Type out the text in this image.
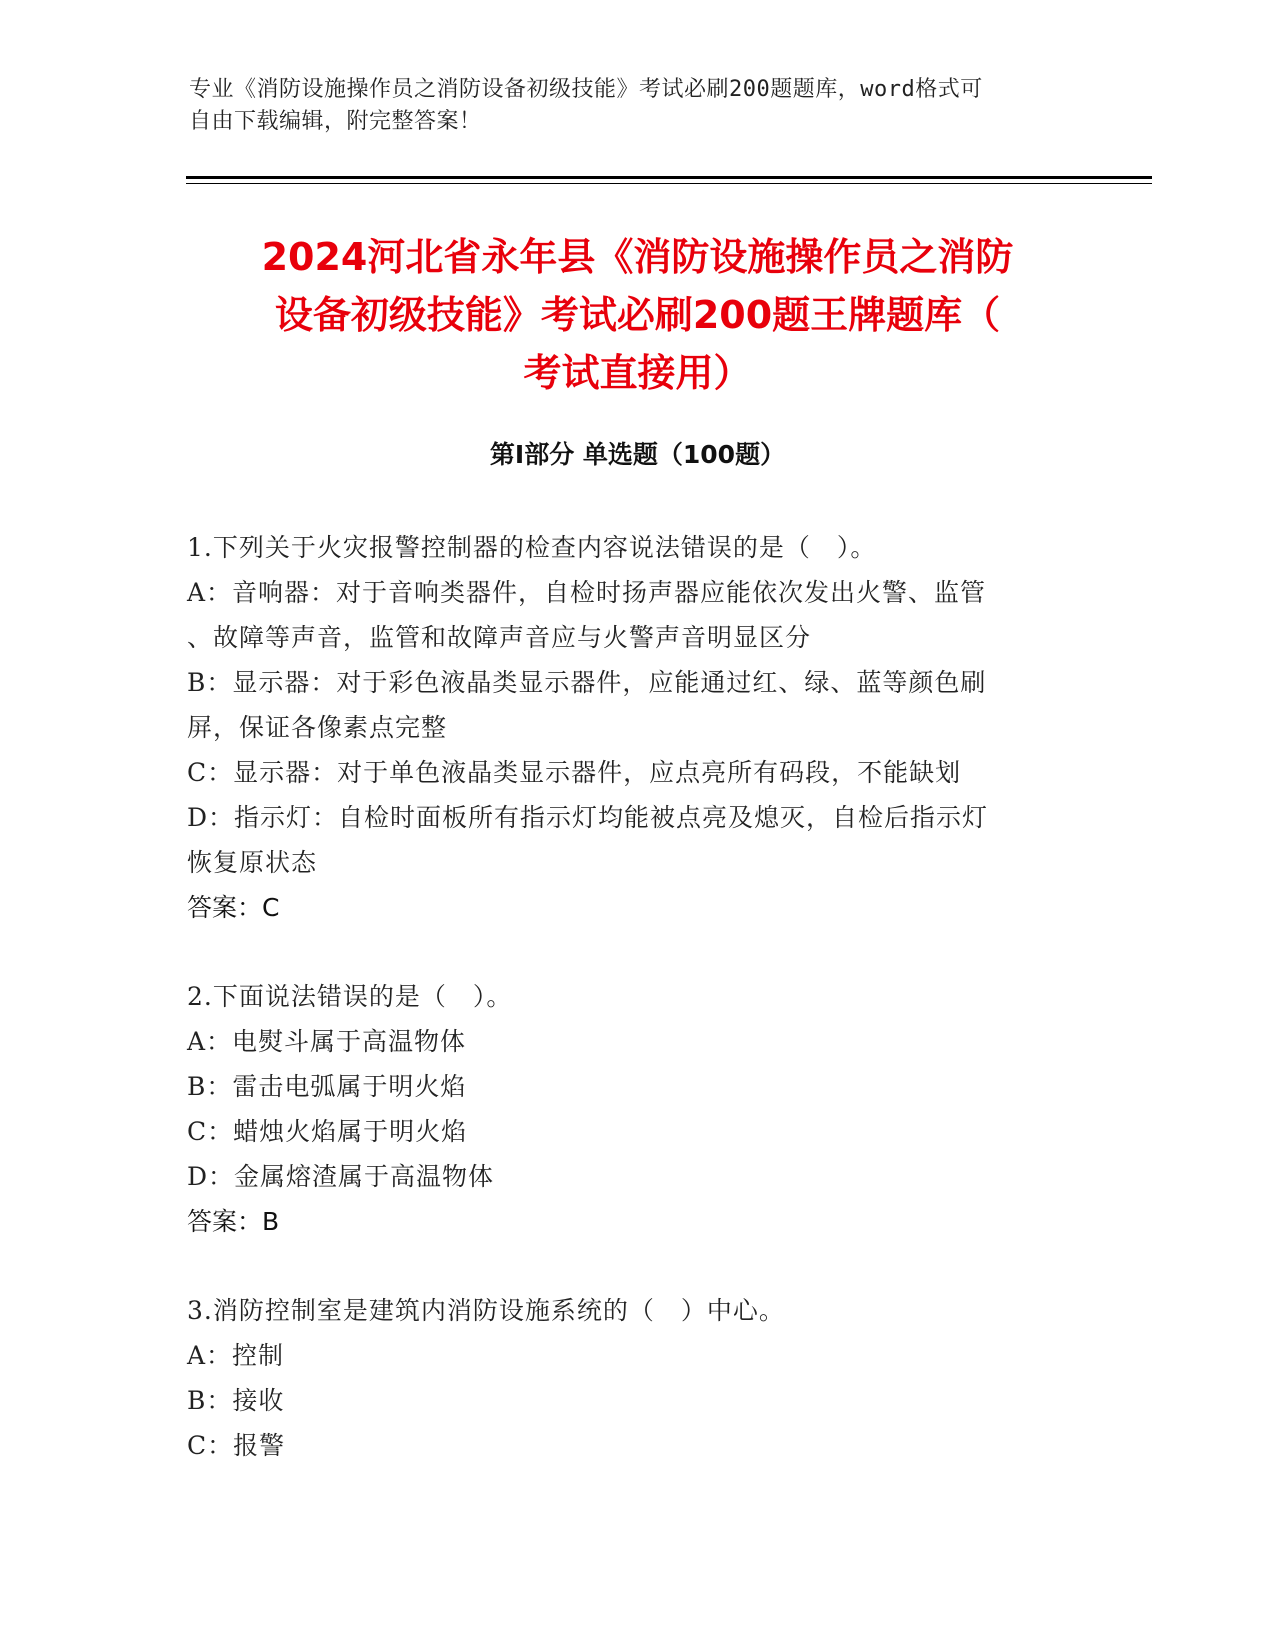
专业《消防设施操作员之消防设备初级技能》考试必刷200题题库，word格式可
自由下载编辑，附完整答案！
2024河北省永年县《消防设施操作员之消防
设备初级技能》考试必刷200题王牌题库（
考试直接用）
第Ⅰ部分 单选题（100题）
1.下列关于火灾报警控制器的检查内容说法错误的是（　）。
A：音响器：对于音响类器件，自检时扬声器应能依次发出火警、监管
、故障等声音，监管和故障声音应与火警声音明显区分
B：显示器：对于彩色液晶类显示器件，应能通过红、绿、蓝等颜色刷
屏，保证各像素点完整
C：显示器：对于单色液晶类显示器件，应点亮所有码段，不能缺划
D：指示灯：自检时面板所有指示灯均能被点亮及熄灭，自检后指示灯
恢复原状态
答案：C
2.下面说法错误的是（　）。
A：电熨斗属于高温物体
B：雷击电弧属于明火焰
C：蜡烛火焰属于明火焰
D：金属熔渣属于高温物体
答案：B
3.消防控制室是建筑内消防设施系统的（　）中心。
A：控制
B：接收
C：报警
